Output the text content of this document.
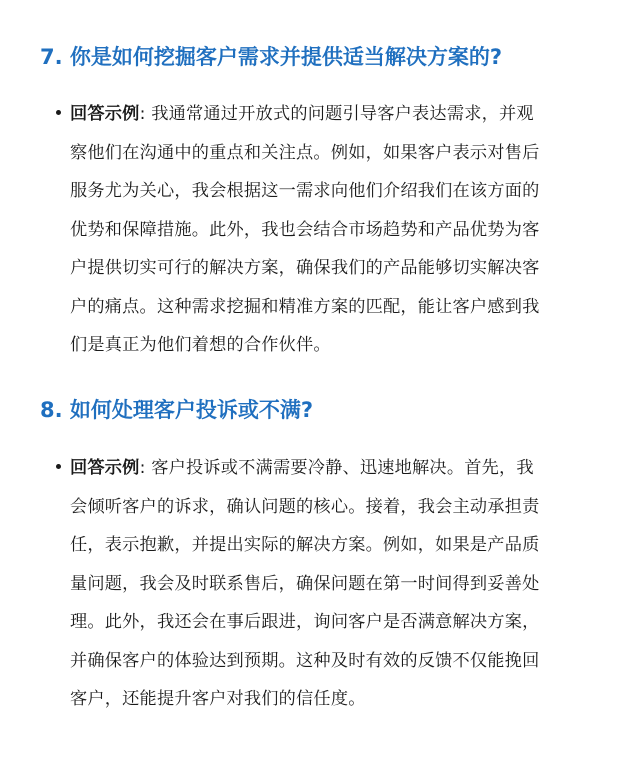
7. 你是如何挖掘客户需求并提供适当解决方案的?
回答示例: 我通常通过开放式的问题引导客户表达需求，并观
察他们在沟通中的重点和关注点。例如，如果客户表示对售后
服务尤为关心，我会根据这一需求向他们介绍我们在该方面的
优势和保障措施。此外，我也会结合市场趋势和产品优势为客
户提供切实可行的解决方案，确保我们的产品能够切实解决客
户的痛点。这种需求挖掘和精准方案的匹配，能让客户感到我
们是真正为他们着想的合作伙伴。
8. 如何处理客户投诉或不满?
回答示例: 客户投诉或不满需要冷静、迅速地解决。首先，我
会倾听客户的诉求，确认问题的核心。接着，我会主动承担责
任，表示抱歉，并提出实际的解决方案。例如，如果是产品质
量问题，我会及时联系售后，确保问题在第一时间得到妥善处
理。此外，我还会在事后跟进，询问客户是否满意解决方案，
并确保客户的体验达到预期。这种及时有效的反馈不仅能挽回
客户，还能提升客户对我们的信任度。
